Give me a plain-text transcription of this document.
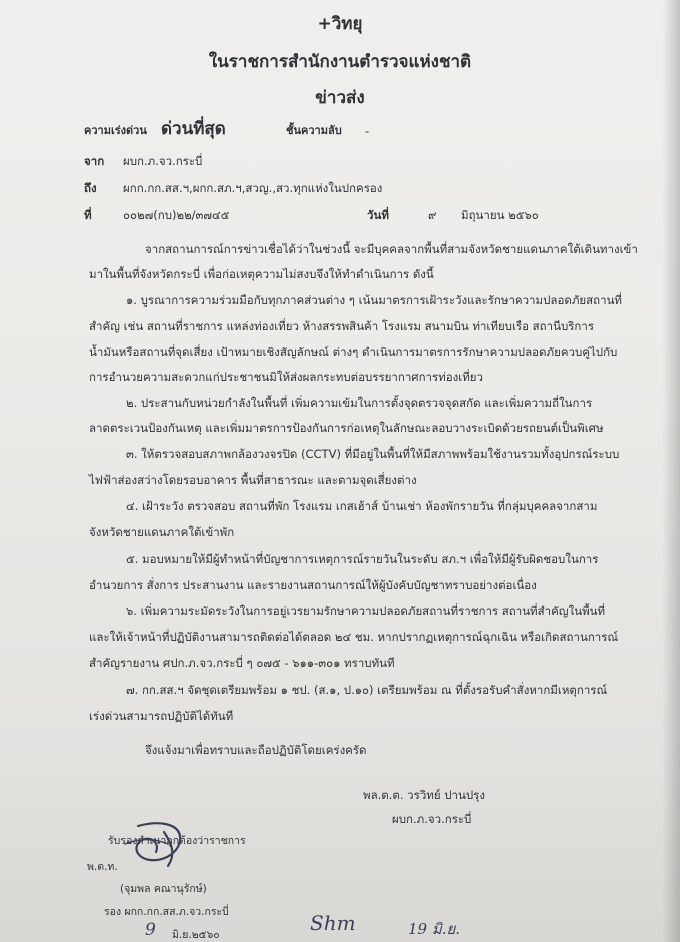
+วิทยุ
ในราชการสำนักงานตำรวจแห่งชาติ
ข่าวส่ง
ความเร่งด่วน ด่วนที่สุด	ชั้นความลับ -
จาก ผบก.ภ.จว.กระบี่
ถึง ผกก.กก.สส.ฯ,ผกก.สภ.ฯ,สวญ.,สว.ทุกแห่งในปกครอง
ที่	๐๐๒๗(กบ)๒๒/๓๗๔๕	วันที่	๙ มิถุนายน ๒๕๖๐
จากสถานการณ์การข่าวเชื่อได้ว่าในช่วงนี้ จะมีบุคคลจากพื้นที่สามจังหวัดชายแดนภาคใต้เดินทางเข้า
มาในพื้นที่จังหวัดกระบี่ เพื่อก่อเหตุความไม่สงบจึงให้ทำดำเนินการ ดังนี้
๑. บูรณาการความร่วมมือกับทุกภาคส่วนต่าง ๆ เน้นมาตรการเฝ้าระวังและรักษาความปลอดภัยสถานที่
สำคัญ เช่น สถานที่ราชการ แหล่งท่องเที่ยว ห้างสรรพสินค้า โรงแรม สนามบิน ท่าเทียบเรือ สถานีบริการ
น้ำมันหรือสถานที่จุดเสี่ยง เป้าหมายเชิงสัญลักษณ์ ต่างๆ ดำเนินการมาตรการรักษาความปลอดภัยควบคู่ไปกับ
การอำนวยความสะดวกแก่ประชาชนมิให้ส่งผลกระทบต่อบรรยากาศการท่องเที่ยว
๒. ประสานกับหน่วยกำลังในพื้นที่ เพิ่มความเข้มในการตั้งจุดตรวจจุดสกัด และเพิ่มความถี่ในการ
ลาดตระเวนป้องกันเหตุ และเพิ่มมาตรการป้องกันการก่อเหตุในลักษณะลอบวางระเบิดด้วยรถยนต์เป็นพิเศษ
๓. ให้ตรวจสอบสภาพกล้องวงจรปิด (CCTV) ที่มีอยู่ในพื้นที่ให้มีสภาพพร้อมใช้งานรวมทั้งอุปกรณ์ระบบ
ไฟฟ้าส่องสว่างโดยรอบอาคาร พื้นที่สาธารณะ และตามจุดเสี่ยงต่าง
๔. เฝ้าระวัง ตรวจสอบ สถานที่พัก โรงแรม เกสเฮ้าส์ บ้านเช่า ห้องพักรายวัน ที่กลุ่มบุคคลจากสาม
จังหวัดชายแดนภาคใต้เข้าพัก
๕. มอบหมายให้มีผู้ทำหน้าที่บัญชาการเหตุการณ์รายวันในระดับ สภ.ฯ เพื่อให้มีผู้รับผิดชอบในการ
อำนวยการ สั่งการ ประสานงาน และรายงานสถานการณ์ให้ผู้บังคับบัญชาทราบอย่างต่อเนื่อง
๖. เพิ่มความระมัดระวังในการอยู่เวรยามรักษาความปลอดภัยสถานที่ราชการ สถานที่สำคัญในพื้นที่
และให้เจ้าหน้าที่ปฏิบัติงานสามารถติดต่อได้ตลอด ๒๔ ชม. หากปรากฏเหตุการณ์ฉุกเฉิน หรือเกิดสถานการณ์
สำคัญรายงาน ศปก.ภ.จว.กระบี่ ๆ ๐๗๕ - ๖๑๑-๓๐๑ ทราบทันที
๗. กก.สส.ฯ จัดชุดเตรียมพร้อม ๑ ชป. (ส.๑, ป.๑๐) เตรียมพร้อม ณ ที่ตั้งรอรับคำสั่งหากมีเหตุการณ์
เร่งด่วนสามารถปฏิบัติได้ทันที
จึงแจ้งมาเพื่อทราบและถือปฏิบัติโดยเคร่งครัด
พล.ต.ต. วรวิทย์ ปานปรุง
ผบก.ภ.จว.กระบี่
รับรองสำเนาถูกต้องว่าราชการ
พ.ต.ท.
(จุมพล คณานุรักษ์)
รอง ผกก.กก.สส.ภ.จว.กระบี่
9 มิ.ย.๒๕๖๐	Shm	19 มิ.ย.
